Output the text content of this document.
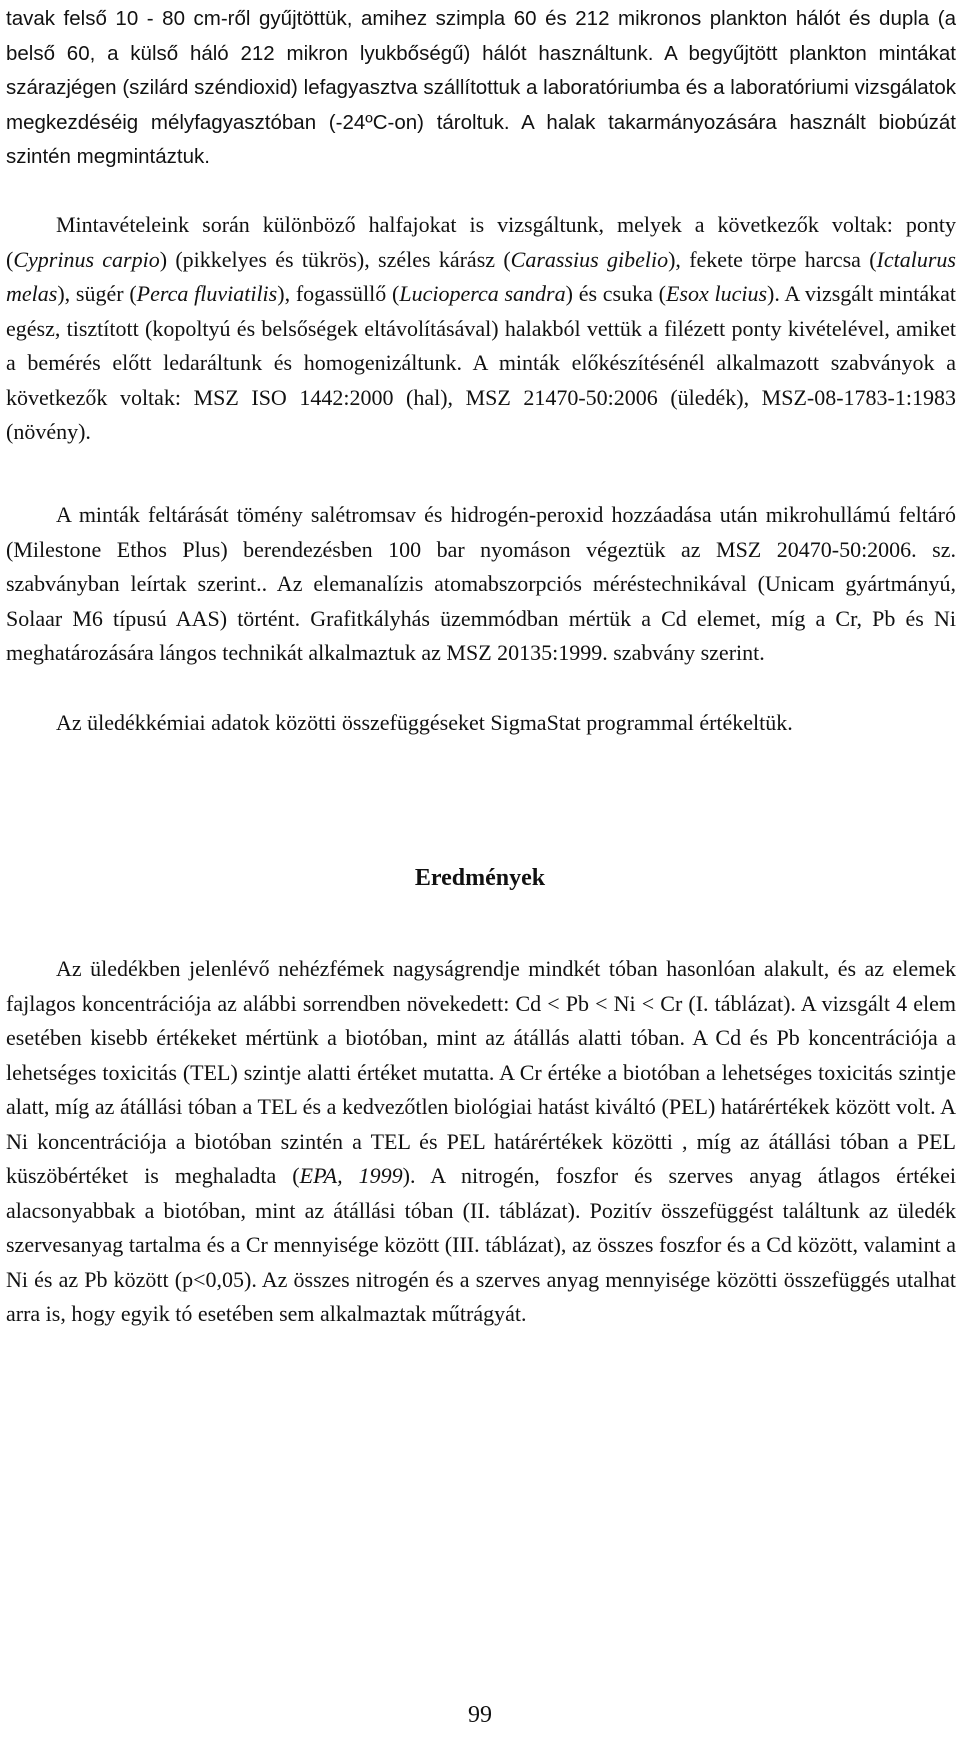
tavak felső 10 - 80 cm-ről gyűjtöttük, amihez szimpla 60 és 212 mikronos plankton hálót és dupla (a belső 60, a külső háló 212 mikron lyukbőségű) hálót használtunk. A begyűjtött plankton mintákat szárazjégen (szilárd széndioxid) lefagyasztva szállítottuk a laboratóriumba és a laboratóriumi vizsgálatok megkezdéséig mélyfagyasztóban (-24ºC-on) tároltuk. A halak takarmányozására használt biobúzát szintén megmintáztuk.

Mintavételeink során különböző halfajokat is vizsgáltunk, melyek a következők voltak: ponty (Cyprinus carpio) (pikkelyes és tükrös), széles kárász (Carassius gibelio), fekete törpe harcsa (Ictalurus melas), sügér (Perca fluviatilis), fogassüllő (Lucioperca sandra) és csuka (Esox lucius). A vizsgált mintákat egész, tisztított (kopoltyú és belsőségek eltávolításával) halakból vettük a filézett ponty kivételével, amiket a bemérés előtt ledaráltunk és homogenizáltunk. A minták előkészítésénél alkalmazott szabványok a következők voltak: MSZ ISO 1442:2000 (hal), MSZ 21470-50:2006 (üledék), MSZ-08-1783-1:1983 (növény).

A minták feltárását tömény salétromsav és hidrogén-peroxid hozzáadása után mikrohullámú feltáró (Milestone Ethos Plus) berendezésben 100 bar nyomáson végeztük az MSZ 20470-50:2006. sz. szabványban leírtak szerint.. Az elemanalízis atomabszorpciós méréstechnikával (Unicam gyártmányú, Solaar M6 típusú AAS) történt. Grafitkályhás üzemmódban mértük a Cd elemet, míg a Cr, Pb és Ni meghatározására lángos technikát alkalmaztuk az MSZ 20135:1999. szabvány szerint.

Az üledékkémiai adatok közötti összefüggéseket SigmaStat programmal értékeltük.

Eredmények

Az üledékben jelenlévő nehézfémek nagyságrendje mindkét tóban hasonlóan alakult, és az elemek fajlagos koncentrációja az alábbi sorrendben növekedett: Cd < Pb < Ni < Cr (I. táblázat). A vizsgált 4 elem esetében kisebb értékeket mértünk a biotóban, mint az átállás alatti tóban. A Cd és Pb koncentrációja a lehetséges toxicitás (TEL) szintje alatti értéket mutatta. A Cr értéke a biotóban a lehetséges toxicitás szintje alatt, míg az átállási tóban a TEL és a kedvezőtlen biológiai hatást kiváltó (PEL) határértékek között volt. A Ni koncentrációja a biotóban szintén a TEL és PEL határértékek közötti , míg az átállási tóban a PEL küszöbértéket is meghaladta (EPA, 1999). A nitrogén, foszfor és szerves anyag átlagos értékei alacsonyabbak a biotóban, mint az átállási tóban (II. táblázat). Pozitív összefüggést találtunk az üledék szervesanyag tartalma és a Cr mennyisége között (III. táblázat), az összes foszfor és a Cd között, valamint a Ni és az Pb között (p<0,05). Az összes nitrogén és a szerves anyag mennyisége közötti összefüggés utalhat arra is, hogy egyik tó esetében sem alkalmaztak műtrágyát.

99
